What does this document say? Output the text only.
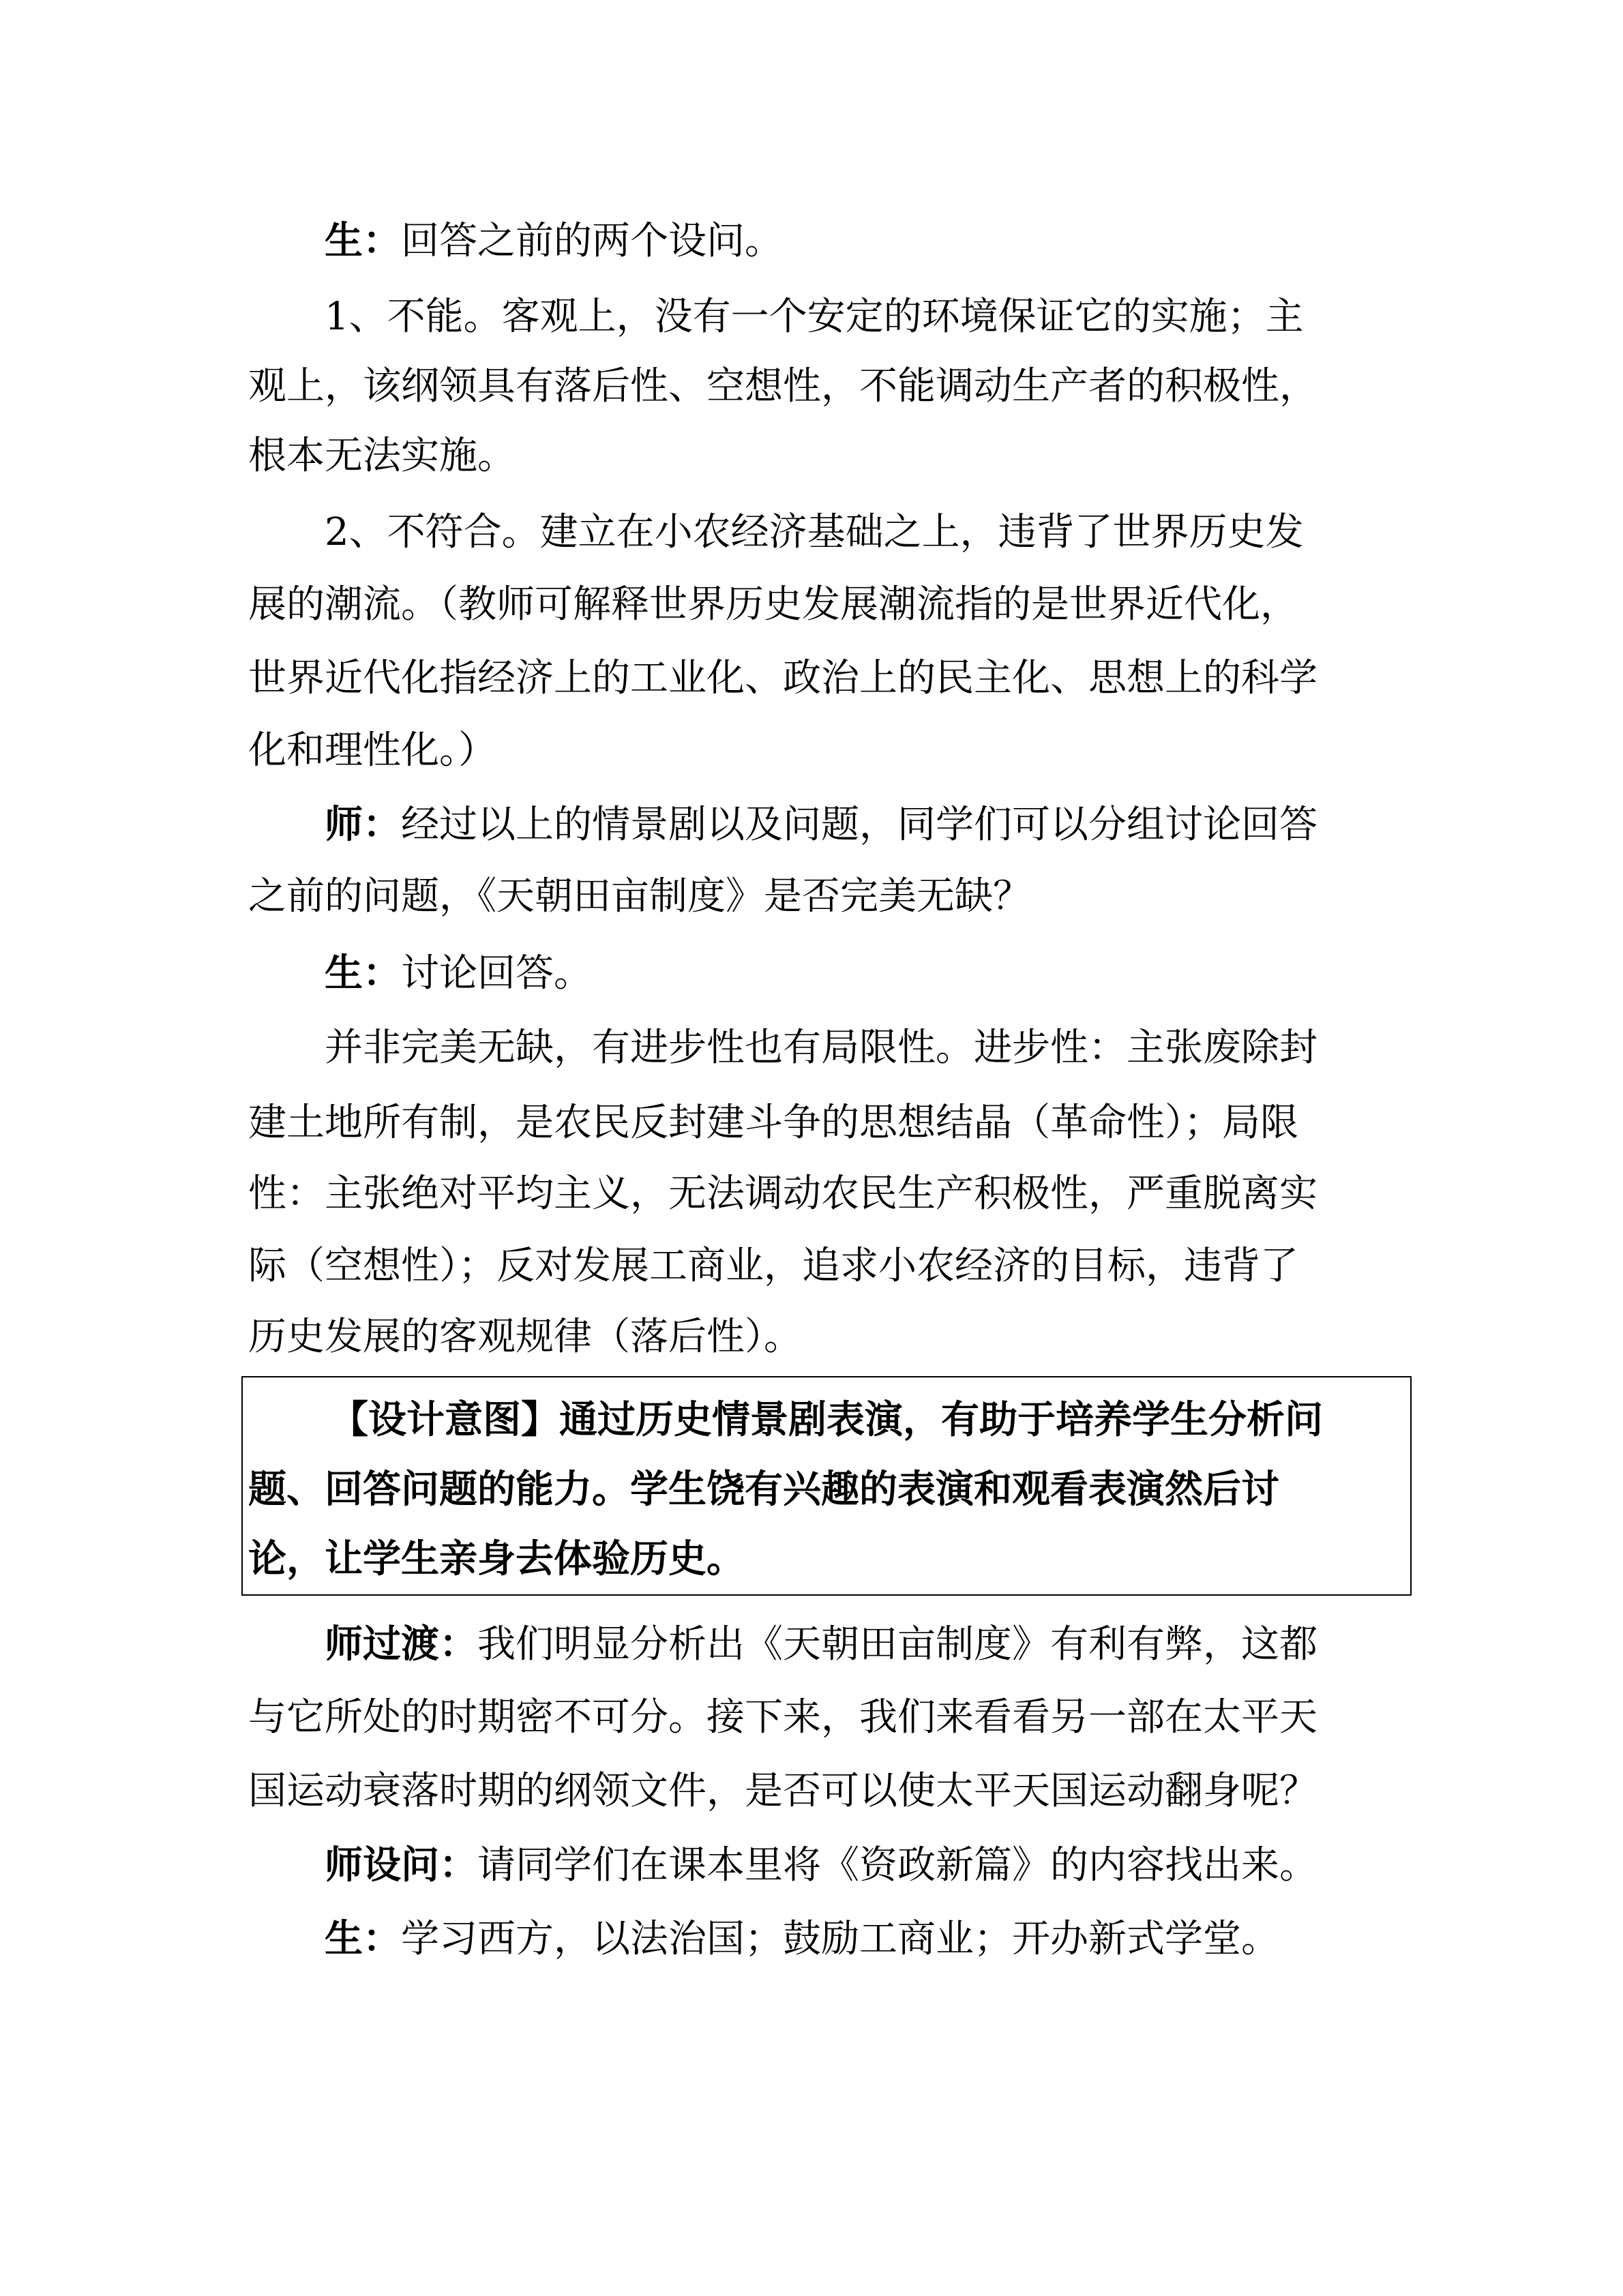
生：回答之前的两个设问。
1、不能。客观上，没有一个安定的环境保证它的实施；主
观上，该纲领具有落后性、空想性，不能调动生产者的积极性，
根本无法实施。
2、不符合。建立在小农经济基础之上，违背了世界历史发
展的潮流。（教师可解释世界历史发展潮流指的是世界近代化，
世界近代化指经济上的工业化、政治上的民主化、思想上的科学
化和理性化。）
师：经过以上的情景剧以及问题，同学们可以分组讨论回答
之前的问题，《天朝田亩制度》是否完美无缺？
生：讨论回答。
并非完美无缺，有进步性也有局限性。进步性：主张废除封
建土地所有制，是农民反封建斗争的思想结晶（革命性）；局限
性：主张绝对平均主义，无法调动农民生产积极性，严重脱离实
际（空想性）；反对发展工商业，追求小农经济的目标，违背了
历史发展的客观规律（落后性）。
【设计意图】通过历史情景剧表演，有助于培养学生分析问
题、回答问题的能力。学生饶有兴趣的表演和观看表演然后讨
论，让学生亲身去体验历史。
师过渡：我们明显分析出《天朝田亩制度》有利有弊，这都
与它所处的时期密不可分。接下来，我们来看看另一部在太平天
国运动衰落时期的纲领文件，是否可以使太平天国运动翻身呢？
师设问：请同学们在课本里将《资政新篇》的内容找出来。
生：学习西方，以法治国；鼓励工商业；开办新式学堂。
